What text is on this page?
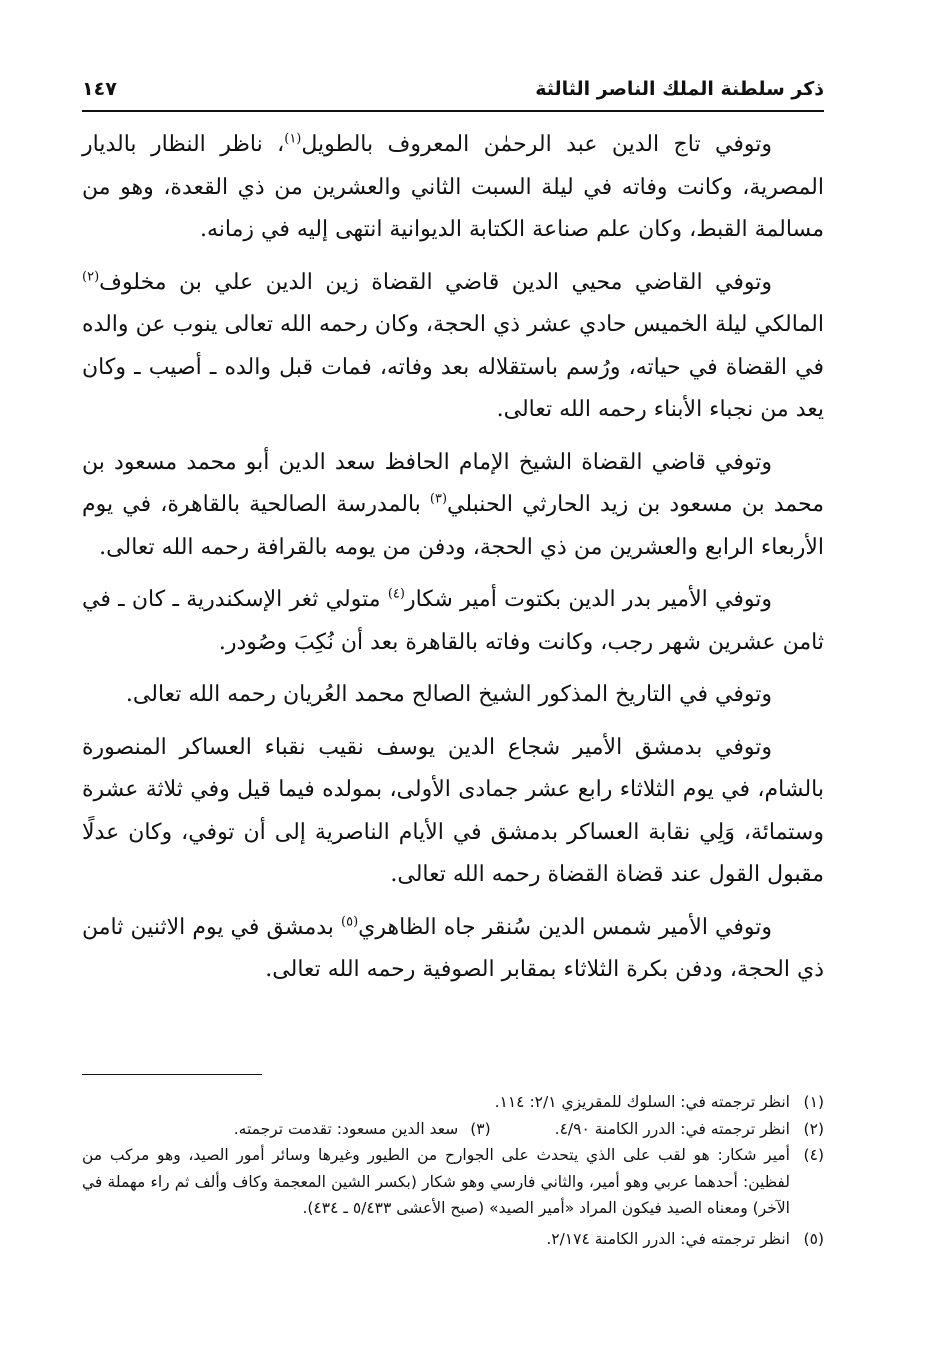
ذكر سلطنة الملك الناصر الثالثة
١٤٧

وتوفي تاج الدين عبد الرحمٰن المعروف بالطويل$^{(١)}$، ناظر النظار بالديار المصرية، وكانت وفاته في ليلة السبت الثاني والعشرين من ذي القعدة، وهو من مسالمة القبط، وكان علم صناعة الكتابة الديوانية انتهى إليه في زمانه.

وتوفي القاضي محيي الدين قاضي القضاة زين الدين علي بن مخلوف$^{(٢)}$ المالكي ليلة الخميس حادي عشر ذي الحجة، وكان رحمه الله تعالى ينوب عن والده في القضاة في حياته، ورُسم باستقلاله بعد وفاته، فمات قبل والده ـ أصيب ـ وكان يعد من نجباء الأبناء رحمه الله تعالى.

وتوفي قاضي القضاة الشيخ الإمام الحافظ سعد الدين أبو محمد مسعود بن محمد بن مسعود بن زيد الحارثي الحنبلي$^{(٣)}$ بالمدرسة الصالحية بالقاهرة، في يوم الأربعاء الرابع والعشرين من ذي الحجة، ودفن من يومه بالقرافة رحمه الله تعالى.

وتوفي الأمير بدر الدين بكتوت أمير شكار$^{(٤)}$ متولي ثغر الإسكندرية ـ كان ـ في ثامن عشرين شهر رجب، وكانت وفاته بالقاهرة بعد أن نُكِبَ وصُودر.

وتوفي في التاريخ المذكور الشيخ الصالح محمد العُريان رحمه الله تعالى.

وتوفي بدمشق الأمير شجاع الدين يوسف نقيب نقباء العساكر المنصورة بالشام، في يوم الثلاثاء رابع عشر جمادى الأولى، بمولده فيما قيل وفي ثلاثة عشرة وستمائة، وَلِي نقابة العساكر بدمشق في الأيام الناصرية إلى أن توفي، وكان عدلًا مقبول القول عند قضاة القضاة رحمه الله تعالى.

وتوفي الأمير شمس الدين سُنقر جاه الظاهري$^{(٥)}$ بدمشق في يوم الاثنين ثامن ذي الحجة، ودفن بكرة الثلاثاء بمقابر الصوفية رحمه الله تعالى.

(١)
انظر ترجمته في: السلوك للمقريزي ٢/١: ١١٤.
(٢)
انظر ترجمته في: الدرر الكامنة ٤/٩٠.
(٣)
سعد الدين مسعود: تقدمت ترجمته.
(٤)
أمير شكار: هو لقب على الذي يتحدث على الجوارح من الطيور وغيرها وسائر أمور الصيد، وهو مركب من لفظين: أحدهما عربي وهو أمير، والثاني فارسي وهو شكار (بكسر الشين المعجمة وكاف وألف ثم راء مهملة في الآخر) ومعناه الصيد فيكون المراد «أمير الصيد» (صبح الأعشى ٥/٤٣٣ ـ ٤٣٤).
(٥)
انظر ترجمته في: الدرر الكامنة ٢/١٧٤.
